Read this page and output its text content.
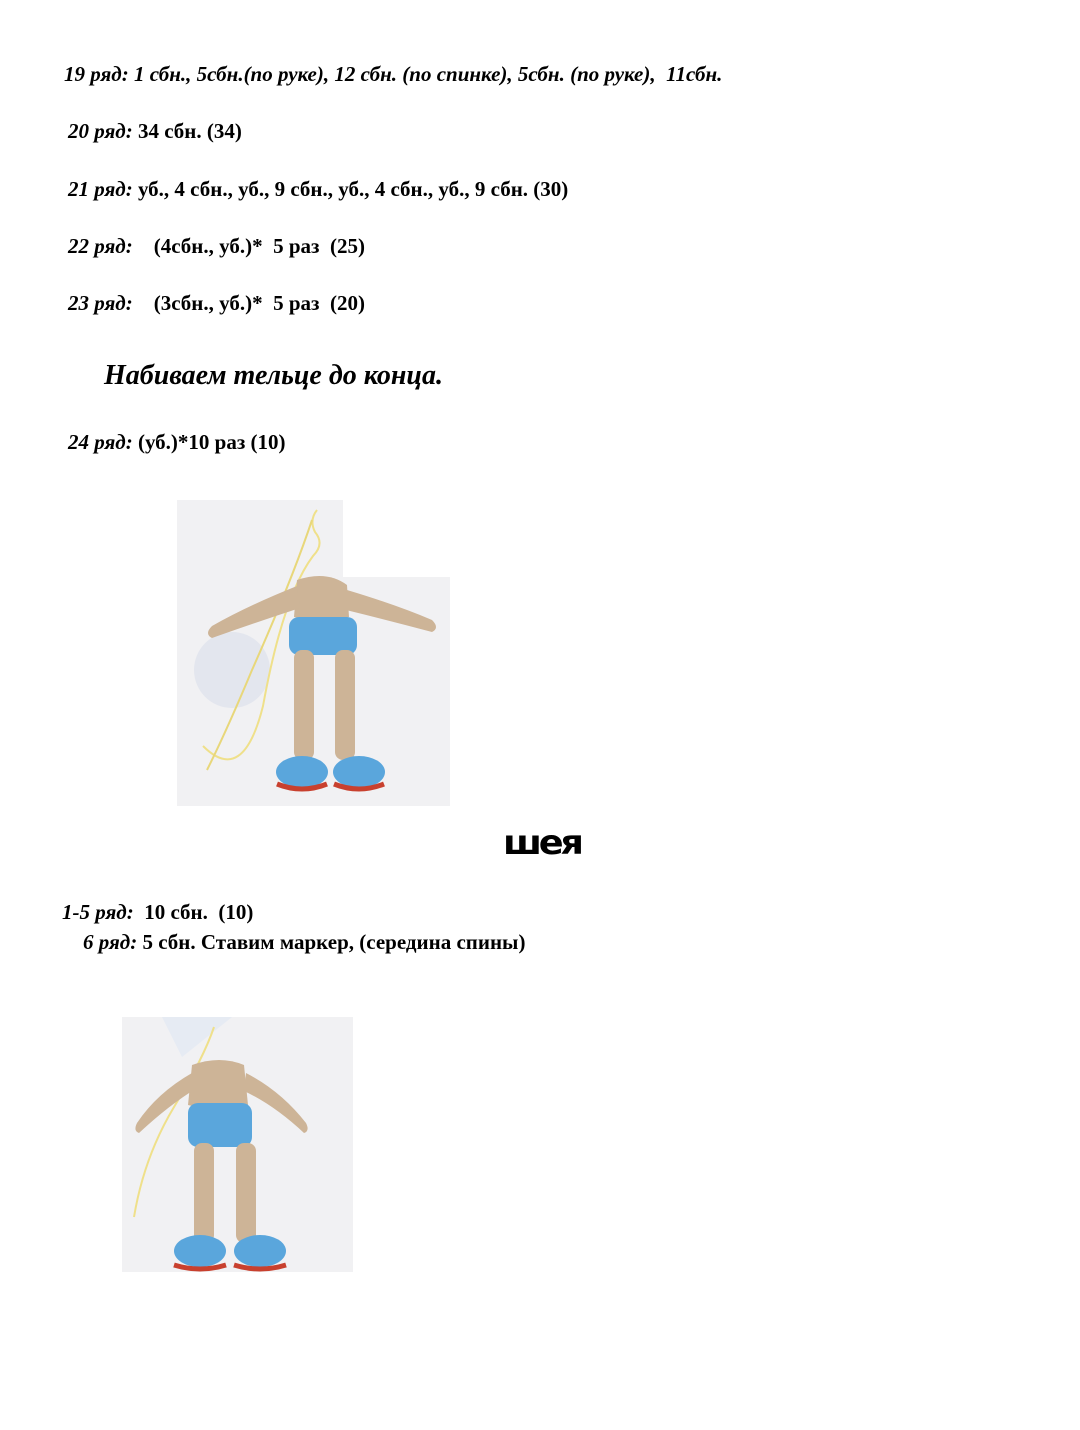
19 ряд: 1 сбн., 5сбн.(по руке), 12 сбн. (по спинке), 5сбн. (по руке),  11сбн.
20 ряд: 34 сбн. (34)
21 ряд: уб., 4 сбн., уб., 9 сбн., уб., 4 сбн., уб., 9 сбн. (30)
22 ряд:    (4сбн., уб.)*  5 раз  (25)
23 ряд:    (3сбн., уб.)*  5 раз  (20)
Набиваем тельце до конца.
24 ряд: (уб.)*10 раз (10)
шея
1-5 ряд:  10 сбн.  (10)
6 ряд: 5 сбн. Ставим маркер, (середина спины)
